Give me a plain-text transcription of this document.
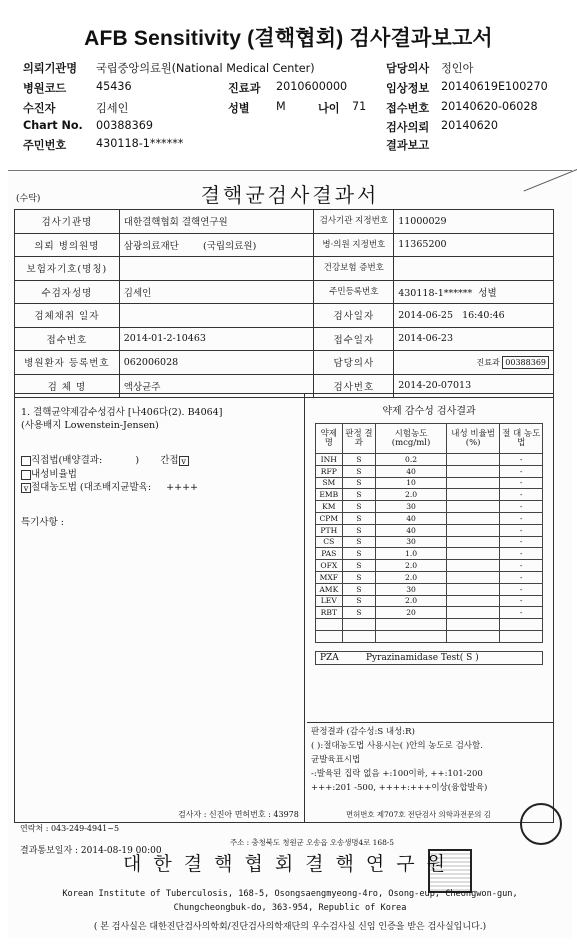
AFB Sensitivity (결핵협회) 검사결과보고서
의뢰기관명 국립중앙의료원(National Medical Center)
병원코드	45436
수진자	김세인
Chart No. 00388369
주민번호	430118-1******
진료과 2010600000
성별 M	나이 71
담당의사 정인아
임상정보 20140619E100270
접수번호 20140620-06028
검사의뢰 20140620
결과보고
(수탁)	결핵균검사결과서
검사기관명	대한결핵협회 결핵연구원	검사기관 지정번호	11000029
의뢰 병의원명	삼광의료재단 (국립의료원)	병·의원 지정번호	11365200
보험자기호(명칭)		건강보험 증번호	
수검자성명	김세인	주민등록번호	430118-1****** 성별
검체채취 일자		검사일자	2014-06-25 16:40:46
접수번호	2014-01-2-10463	접수일자	2014-06-23
병원환자 등록번호	062006028	담당의사	진료과 00388369
검 체 명	액상균주	검사번호	2014-20-07013
1. 결핵균약제감수성검사 [나406다(2). B4064]
(사용배지 Lowenstein-Jensen)
직접법(배양결과:           )       간접 v
내성비율법
v 절대농도법 (대조배지균발육:     ++++
특기사항 :
약제 감수성 검사결과
약제명	판정 결과	시험농도 (mcg/ml)	내성 비율범(%)	절 대 농도법
INH	S	0.2		-
RFP	S	40		-
SM	S	10		-
EMB	S	2.0		-
KM	S	30		-
CPM	S	40		-
PTH	S	40		-
CS	S	30		-
PAS	S	1.0		-
OFX	S	2.0		-
MXF	S	2.0		-
AMK	S	30		-
LEV	S	2.0		-
RBT	S	20		-

PZA	Pyrazinamidase Test( S )
판정결과 (감수성:S 내성:R)
( ):절대농도법 사용시는( )안의 농도로 검사함.
균발육표시법
-:발육된 집락 없음 +:100이하, ++:101-200
+++:201 -500, ++++:+++이상(융합발육)
연락처 : 043-249-4941~5
검사자 : 신진아 면허번호 : 43978	면허번호 제707호 전단검사 의학과전문의 김
결과통보일자 : 2014-08-19 00:00
주소 : 충청북도 청원군 오송읍 오송생명4로 168-5
대한결핵협회결핵연구원
Korean Institute of Tuberculosis, 168-5, Osongsaengmyeong-4ro, Osong-eup, Cheongwon-gun,
Chungcheongbuk-do, 363-954, Republic of Korea
( 본 검사실은 대한진단검사의학회/진단검사의학재단의 우수검사실 신임 인증을 받은 검사실입니다.)
